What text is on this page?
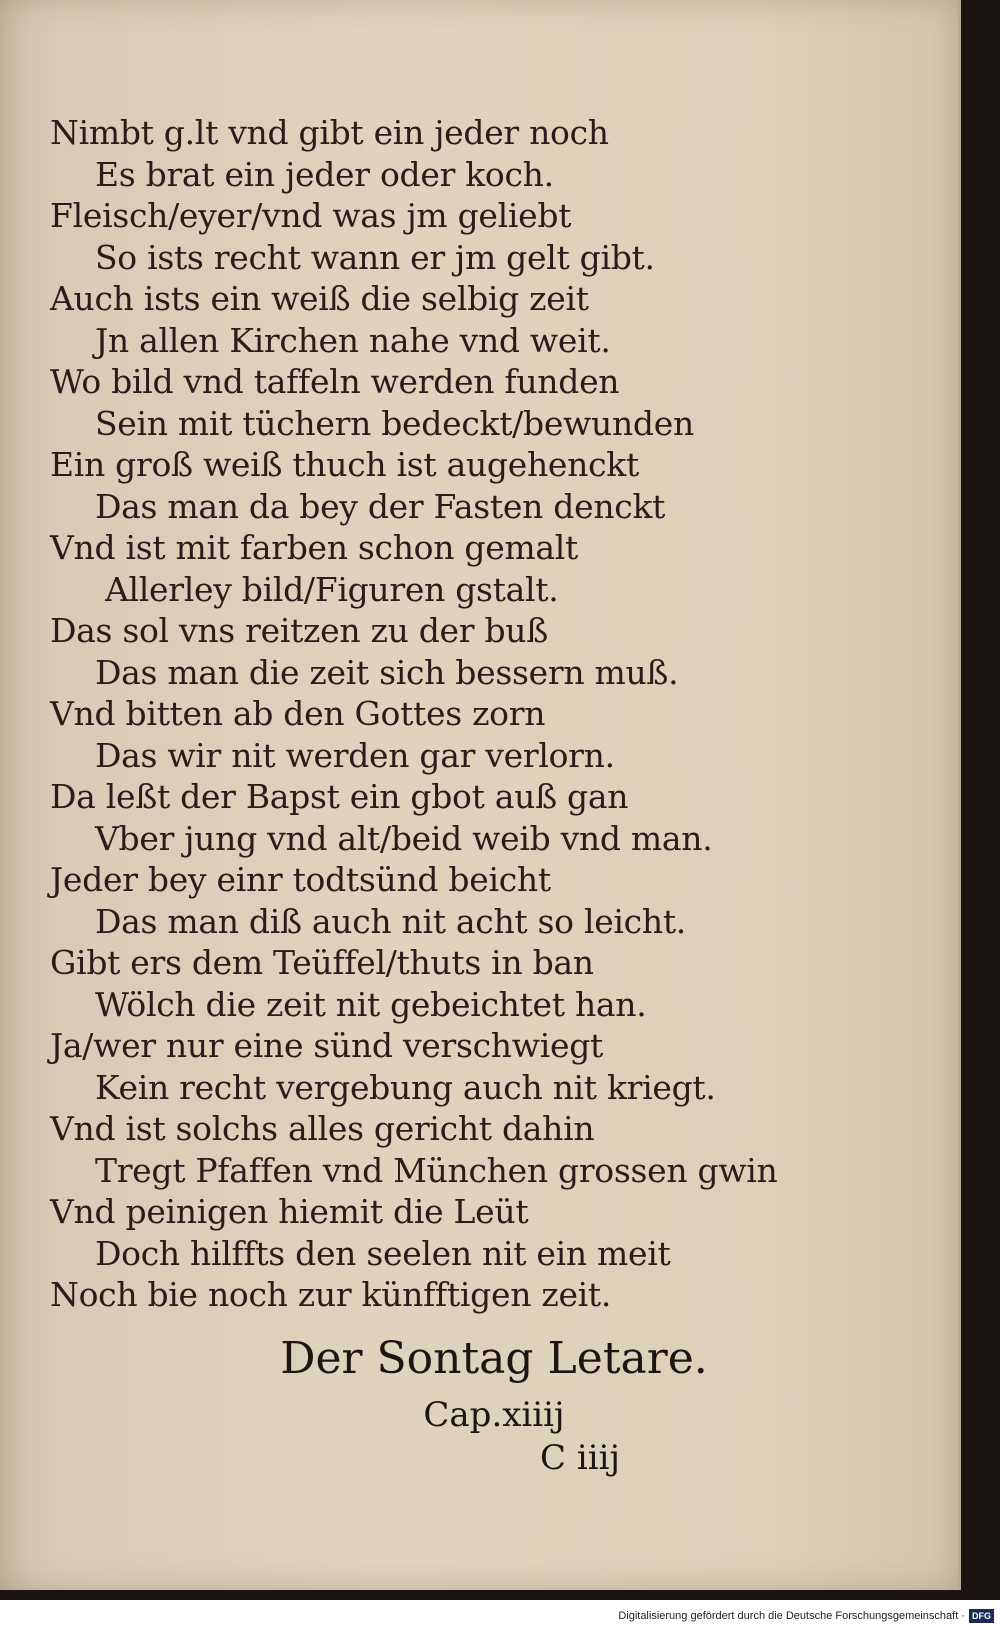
Nimbt g.lt vnd gibt ein jeder noch
Es brat ein jeder oder koch.
Fleisch/eyer/vnd was jm geliebt
So ists recht wann er jm gelt gibt.
Auch ists ein weiß die selbig zeit
Jn allen Kirchen nahe vnd weit.
Wo bild vnd taffeln werden funden
Sein mit tüchern bedeckt/bewunden
Ein groß weiß thuch ist augehenckt
Das man da bey der Fasten denckt
Vnd ist mit farben schon gemalt
Allerley bild/Figuren gstalt.
Das sol vns reitzen zu der buß
Das man die zeit sich bessern muß.
Vnd bitten ab den Gottes zorn
Das wir nit werden gar verlorn.
Da leßt der Bapst ein gbot auß gan
Vber jung vnd alt/beid weib vnd man.
Jeder bey einr todtsünd beicht
Das man diß auch nit acht so leicht.
Gibt ers dem Teüffel/thuts in ban
Wölch die zeit nit gebeichtet han.
Ja/wer nur eine sünd verschwiegt
Kein recht vergebung auch nit kriegt.
Vnd ist solchs alles gericht dahin
Tregt Pfaffen vnd München grossen gwin
Vnd peinigen hiemit die Leüt
Doch hilffts den seelen nit ein meit
Noch bie noch zur künfftigen zeit.
Der Sontag Letare.
Cap.xiiij
C iiij
Digitalisierung gefördert durch die Deutsche Forschungsgemeinschaft · DFG
